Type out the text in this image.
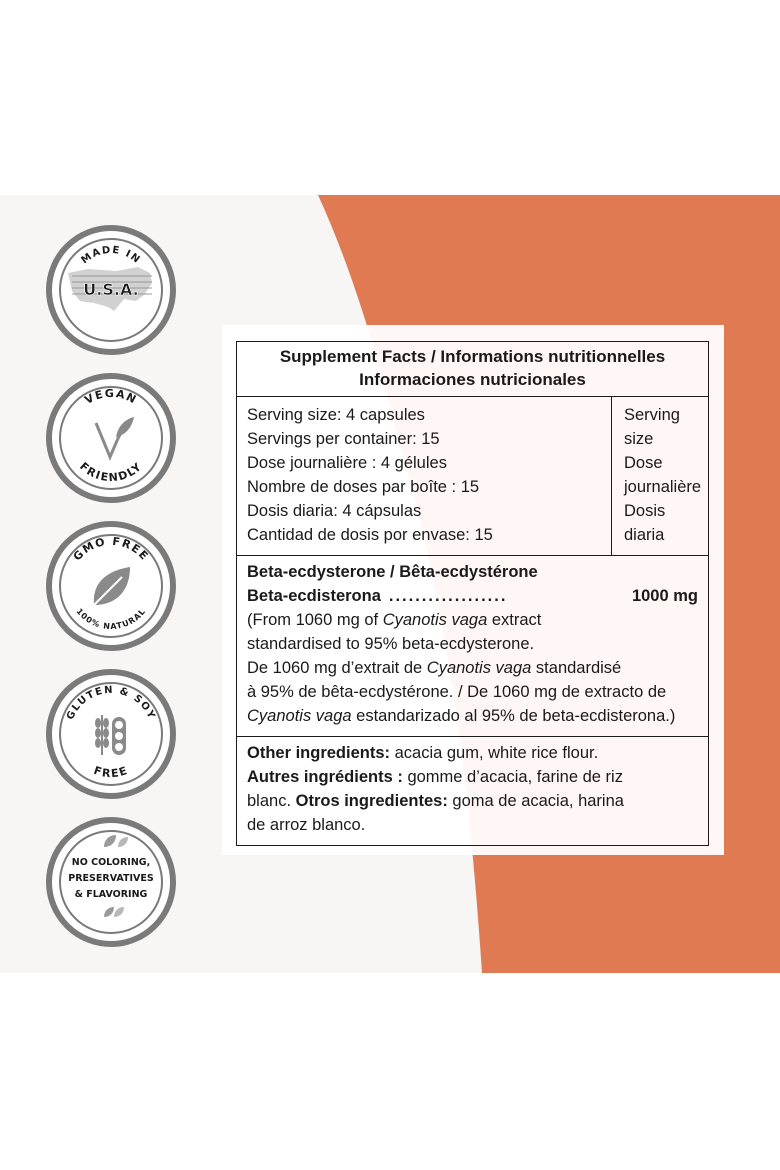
MADE IN
U.S.A.
VEGAN
FRIENDLY
GMO FREE
100% NATURAL
GLUTEN & SOY
FREE
NO COLORING,
PRESERVATIVES
& FLAVORING
Supplement Facts / Informations nutritionnelles
Informaciones nutricionales
Serving size: 4 capsules
Servings per container: 15
Dose journalière : 4 gélules
Nombre de doses par boîte : 15
Dosis diaria: 4 cápsulas
Cantidad de dosis por envase: 15
Serving
size
Dose
journalière
Dosis
diaria
Beta-ecdysterone / Bêta-ecdystérone
Beta-ecdisterona ..................	1000 mg
(From 1060 mg of Cyanotis vaga extract
standardised to 95% beta-ecdysterone.
De 1060 mg d’extrait de Cyanotis vaga standardisé
à 95% de bêta-ecdystérone. / De 1060 mg de extracto de
Cyanotis vaga estandarizado al 95% de beta-ecdisterona.)
Other ingredients: acacia gum, white rice flour.
Autres ingrédients : gomme d’acacia, farine de riz
blanc. Otros ingredientes: goma de acacia, harina
de arroz blanco.
